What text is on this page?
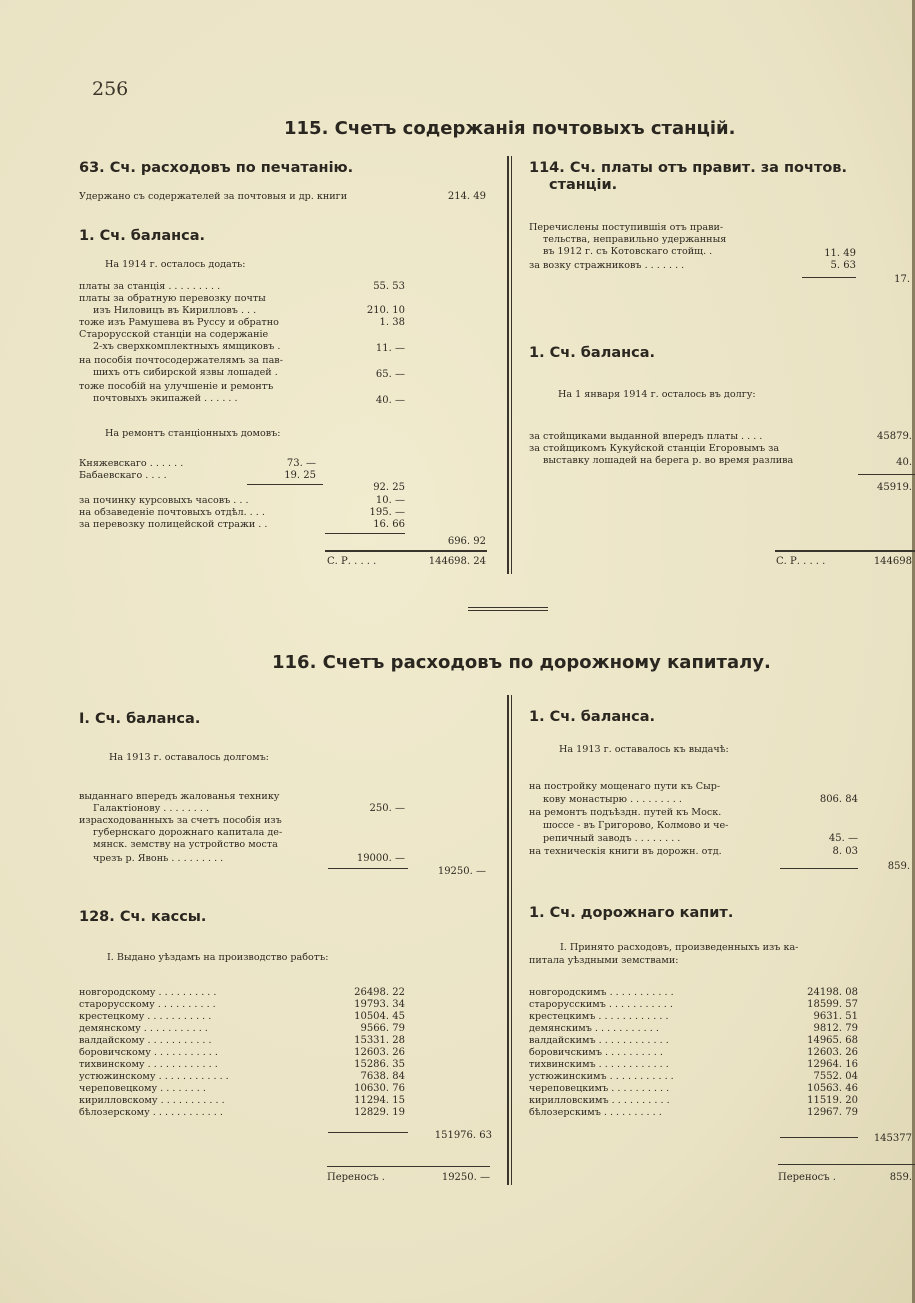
256
115. Счетъ содержанія почтовыхъ станцій.
63. Сч. расходовъ по печатанію.
Удержано съ содержателей за почтовыя и др. книги	214. 49
1. Сч. баланса.
На 1914 г. осталось додать:
платы за станція . . . . . . . . .	55. 53
платы за обратную перевозку почты
изъ Ниловицъ въ Кирилловъ . . .	210. 10
тоже изъ Рамушева въ Руссу и обратно	1. 38
Старорусской станціи на содержаніе
2-хъ сверхкомплектныхъ ямщиковъ .	11. —
на пособія почтосодержателямъ за пав-
шихъ отъ сибирской язвы лошадей .	65. —
тоже пособій на улучшеніе и ремонтъ
почтовыхъ экипажей . . . . . .	40. —
На ремонтъ станціонныхъ домовъ:
Княжевскаго . . . . . .	73. —
Бабаевскаго . . . .	19. 25
92. 25
за починку курсовыхъ часовъ . . .	10. —
на обзаведеніе почтовыхъ отдѣл. . . .	195. —
за перевозку полицейской стражи . .	16. 66
696. 92
С. Р. . . . .	144698. 24
114. Сч. платы отъ правит. за почтов.
станціи.
Перечислены поступившія отъ прави-
тельства, неправильно удержанныя
въ 1912 г. съ Котовскаго стойщ. .	11. 49
за возку стражниковъ . . . . . . .	5. 63
17.
1. Сч. баланса.
На 1 января 1914 г. осталось въ долгу:
за стойщиками выданной впередъ платы . . . .	45879.
за стойщикомъ Кукуйской станціи Егоровымъ за
выставку лошадей на берега р. во время разлива	40.
45919.
С. Р. . . . .	144698
116. Счетъ расходовъ по дорожному капиталу.
I. Сч. баланса.
На 1913 г. оставалось долгомъ:
выданнаго впередъ жалованья технику
Галактіонову . . . . . . . .	250. —
израсходованныхъ за счетъ пособія изъ
губернскаго дорожнаго капитала де-
мянск. земству на устройство моста
чрезъ р. Явонь . . . . . . . . .	19000. —
19250. —
128. Сч. кассы.
I. Выдано уѣздамъ на производство работъ:
новгородскому . . . . . . . . . .	26498. 22
старорусскому . . . . . . . . . .	19793. 34
крестецкому . . . . . . . . . . .	10504. 45
демянскому . . . . . . . . . . .	9566. 79
валдайскому . . . . . . . . . . .	15331. 28
боровичскому . . . . . . . . . . .	12603. 26
тихвинскому . . . . . . . . . . . .	15286. 35
устюжинскому . . . . . . . . . . . .	7638. 84
череповецкому . . . . . . . .	10630. 76
кирилловскому . . . . . . . . . . .	11294. 15
бѣлозерскому . . . . . . . . . . . .	12829. 19
151976. 63
Переносъ .	19250. —
1. Сч. баланса.
На 1913 г. оставалось къ выдачѣ:
на постройку мощенаго пути къ Сыр-
кову монастырю . . . . . . . . .	806. 84
на ремонтъ подъѣздн. путей къ Моск.
шоссе - въ Григорово, Колмово и че-
репичный заводъ . . . . . . . .	45. —
на техническія книги въ дорожн. отд.	8. 03
859.
1. Сч. дорожнаго капит.
I. Принято расходовъ, произведенныхъ изъ ка-
питала уѣздными земствами:
новгородскимъ . . . . . . . . . . .	24198. 08
старорусскимъ . . . . . . . . . . .	18599. 57
крестецкимъ . . . . . . . . . . . .	9631. 51
демянскимъ . . . . . . . . . . .	9812. 79
валдайскимъ . . . . . . . . . . . .	14965. 68
боровичскимъ . . . . . . . . . .	12603. 26
тихвинскимъ . . . . . . . . . . . .	12964. 16
устюжинскимъ . . . . . . . . . . .	7552. 04
череповецкимъ . . . . . . . . . .	10563. 46
кирилловскимъ . . . . . . . . . .	11519. 20
бѣлозерскимъ . . . . . . . . . .	12967. 79
145377
Переносъ .	859.
